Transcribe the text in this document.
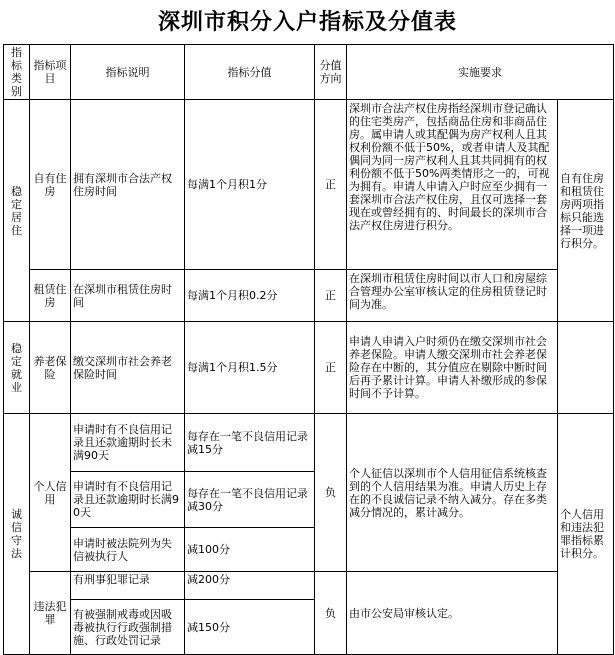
深圳市积分入户指标及分值表
指标类别	指标项目	指标说明	指标分值	分值方向	实施要求	
稳定居住	自有住房	拥有深圳市合法产权住房时间	每满1个月积1分	正	深圳市合法产权住房指经深圳市登记确认的住宅类房产，包括商品住房和非商品住房。属申请人或其配偶为房产权利人且其权利份额不低于50%，或者申请人及其配偶同为同一房产权利人且其共同拥有的权利份额不低于50%两类情形之一的，可视为拥有。申请人申请入户时应至少拥有一套深圳市合法产权住房，且仅可选择一套现在或曾经拥有的、时间最长的深圳市合法产权住房进行积分。	自有住房和租赁住房两项指标只能选择一项进行积分。
	租赁住房	在深圳市租赁住房时间	每满1个月积0.2分	正	在深圳市租赁住房时间以市人口和房屋综合管理办公室审核认定的住房租赁登记时间为准。	
稳定就业	养老保险	缴交深圳市社会养老保险时间	每满1个月积1.5分	正	申请人申请入户时须仍在缴交深圳市社会养老保险。申请人缴交深圳市社会养老保险存在中断的，其分值应在剔除中断时间后再予累计计算。申请人补缴形成的参保时间不予计算。	
诚信守法	个人信用	申请时有不良信用记录且还款逾期时长未满90天	每存在一笔不良信用记录减15分	负	个人征信以深圳市个人信用征信系统核查到的个人信用结果为准。申请人历史上存在的不良诚信记录不纳入减分。存在多类减分情况的，累计减分。	个人信用和违法犯罪指标累计积分。
		申请时有不良信用记录且还款逾期时长满90天	每存在一笔不良信用记录减30分			
		申请时被法院列为失信被执行人	减100分			
	违法犯罪	有刑事犯罪记录	减200分	负	由市公安局审核认定。	
		有被强制戒毒或因吸毒被执行行政强制措施、行政处罚记录	减150分			
